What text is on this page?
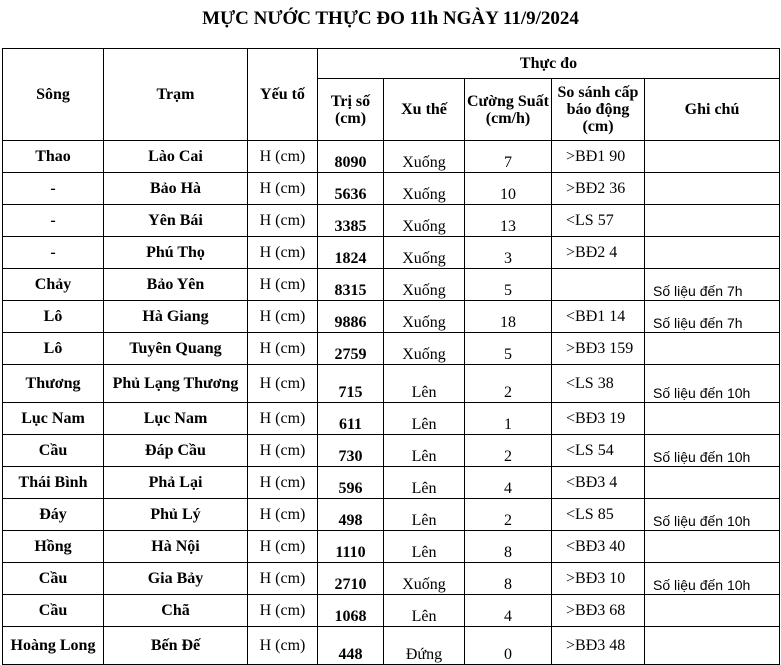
MỰC NƯỚC THỰC ĐO 11h NGÀY 11/9/2024
Sông	Trạm	Yếu tố	Thực đo				
			Trị số (cm)	Xu thế	Cường Suất (cm/h)	So sánh cấp báo động (cm)	Ghi chú
Thao	Lào Cai	H (cm)	8090	Xuống	7	>BĐ1 90	
-	Bảo Hà	H (cm)	5636	Xuống	10	>BĐ2 36	
-	Yên Bái	H (cm)	3385	Xuống	13	<LS 57	
-	Phú Thọ	H (cm)	1824	Xuống	3	>BĐ2 4	
Chảy	Bảo Yên	H (cm)	8315	Xuống	5		Số liệu đến 7h
Lô	Hà Giang	H (cm)	9886	Xuống	18	<BĐ1 14	Số liệu đến 7h
Lô	Tuyên Quang	H (cm)	2759	Xuống	5	>BĐ3 159	
Thương	Phủ Lạng Thương	H (cm)	715	Lên	2	<LS 38	Số liệu đến 10h
Lục Nam	Lục Nam	H (cm)	611	Lên	1	<BĐ3 19	
Cầu	Đáp Cầu	H (cm)	730	Lên	2	<LS 54	Số liệu đến 10h
Thái Bình	Phả Lại	H (cm)	596	Lên	4	<BĐ3 4	
Đáy	Phủ Lý	H (cm)	498	Lên	2	<LS 85	Số liệu đến 10h
Hồng	Hà Nội	H (cm)	1110	Lên	8	<BĐ3 40	
Cầu	Gia Bảy	H (cm)	2710	Xuống	8	>BĐ3 10	Số liệu đến 10h
Cầu	Chã	H (cm)	1068	Lên	4	>BĐ3 68	
Hoàng Long	Bến Đế	H (cm)	448	Đứng	0	>BĐ3 48	
